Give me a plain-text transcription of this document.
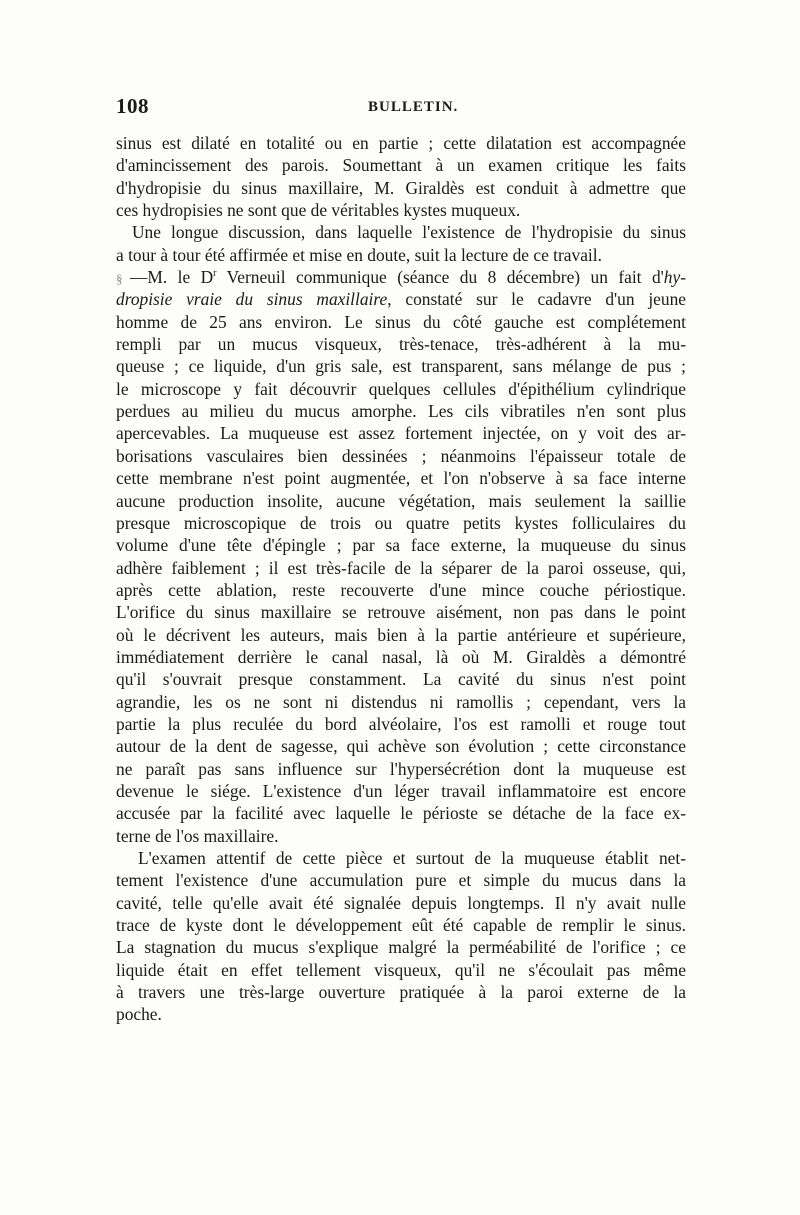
108	BULLETIN.
sinus est dilaté en totalité ou en partie ; cette dilatation est accompagnée
d'amincissement des parois. Soumettant à un examen critique les faits
d'hydropisie du sinus maxillaire, M. Giraldès est conduit à admettre que
ces hydropisies ne sont que de véritables kystes muqueux.
Une longue discussion, dans laquelle l'existence de l'hydropisie du sinus
a tour à tour été affirmée et mise en doute, suit la lecture de ce travail.
§ —M. le $D^r$ Verneuil communique (séance du 8 décembre) un fait d'hy-
dropisie vraie du sinus maxillaire, constaté sur le cadavre d'un jeune
homme de 25 ans environ. Le sinus du côté gauche est complétement
rempli par un mucus visqueux, très-tenace, très-adhérent à la mu-
queuse ; ce liquide, d'un gris sale, est transparent, sans mélange de pus ;
le microscope y fait découvrir quelques cellules d'épithélium cylindrique
perdues au milieu du mucus amorphe. Les cils vibratiles n'en sont plus
apercevables. La muqueuse est assez fortement injectée, on y voit des ar-
borisations vasculaires bien dessinées ; néanmoins l'épaisseur totale de
cette membrane n'est point augmentée, et l'on n'observe à sa face interne
aucune production insolite, aucune végétation, mais seulement la saillie
presque microscopique de trois ou quatre petits kystes folliculaires du
volume d'une tête d'épingle ; par sa face externe, la muqueuse du sinus
adhère faiblement ; il est très-facile de la séparer de la paroi osseuse, qui,
après cette ablation, reste recouverte d'une mince couche périostique.
L'orifice du sinus maxillaire se retrouve aisément, non pas dans le point
où le décrivent les auteurs, mais bien à la partie antérieure et supérieure,
immédiatement derrière le canal nasal, là où M. Giraldès a démontré
qu'il s'ouvrait presque constamment. La cavité du sinus n'est point
agrandie, les os ne sont ni distendus ni ramollis ; cependant, vers la
partie la plus reculée du bord alvéolaire, l'os est ramolli et rouge tout
autour de la dent de sagesse, qui achève son évolution ; cette circonstance
ne paraît pas sans influence sur l'hypersécrétion dont la muqueuse est
devenue le siége. L'existence d'un léger travail inflammatoire est encore
accusée par la facilité avec laquelle le périoste se détache de la face ex-
terne de l'os maxillaire.
L'examen attentif de cette pièce et surtout de la muqueuse établit net-
tement l'existence d'une accumulation pure et simple du mucus dans la
cavité, telle qu'elle avait été signalée depuis longtemps. Il n'y avait nulle
trace de kyste dont le développement eût été capable de remplir le sinus.
La stagnation du mucus s'explique malgré la perméabilité de l'orifice ; ce
liquide était en effet tellement visqueux, qu'il ne s'écoulait pas même
à travers une très-large ouverture pratiquée à la paroi externe de la
poche.
